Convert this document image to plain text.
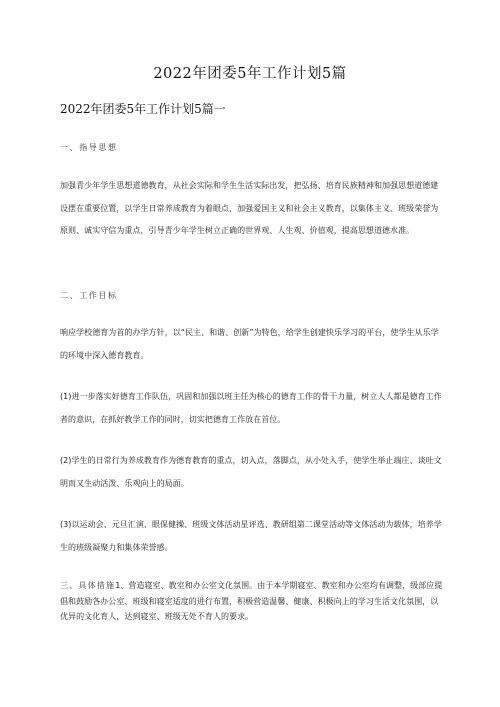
2022年团委5年工作计划5篇
2022年团委5年工作计划5篇一
一、指导思想
加强青少年学生思想道德教育，从社会实际和学生生活实际出发，把弘扬、培育民族精神和加强思想道德建设摆在重要位置，以学生日常养成教育为着眼点，加强爱国主义和社会主义教育，以集体主义、班级荣誉为原则、诚实守信为重点，引导青少年学生树立正确的世界观、人生观、价值观，提高思想道德水准。
二、工作目标
响应学校德育为首的办学方针，以“民主、和谐、创新”为特色，给学生创建快乐学习的平台，使学生从乐学的环境中深入德育教育。
(1)进一步落实好德育工作队伍，巩固和加强以班主任为核心的德育工作的骨干力量，树立人人都是德育工作者的意识，在抓好教学工作的同时，切实把德育工作放在首位。
(2)学生的日常行为养成教育作为德育教育的重点，切入点，落脚点，从小处入手，使学生举止端庄、谈吐文明而又生动活泼、乐观向上的局面。
(3)以运动会、元旦汇演、眼保健操、班级文体活动星评选、教研组第二课堂活动等文体活动为载体，培养学生的班级凝聚力和集体荣誉感。
三、具体措施1、营造寝室、教室和办公室文化氛围。由于本学期寝室、教室和办公室均有调整，级部应提倡和鼓励各办公室、班级和寝室适度的进行布置，积极营造温馨、健康、积极向上的学习生活文化氛围，以优异的文化育人，达到寝室、班级无处不育人的要求。
